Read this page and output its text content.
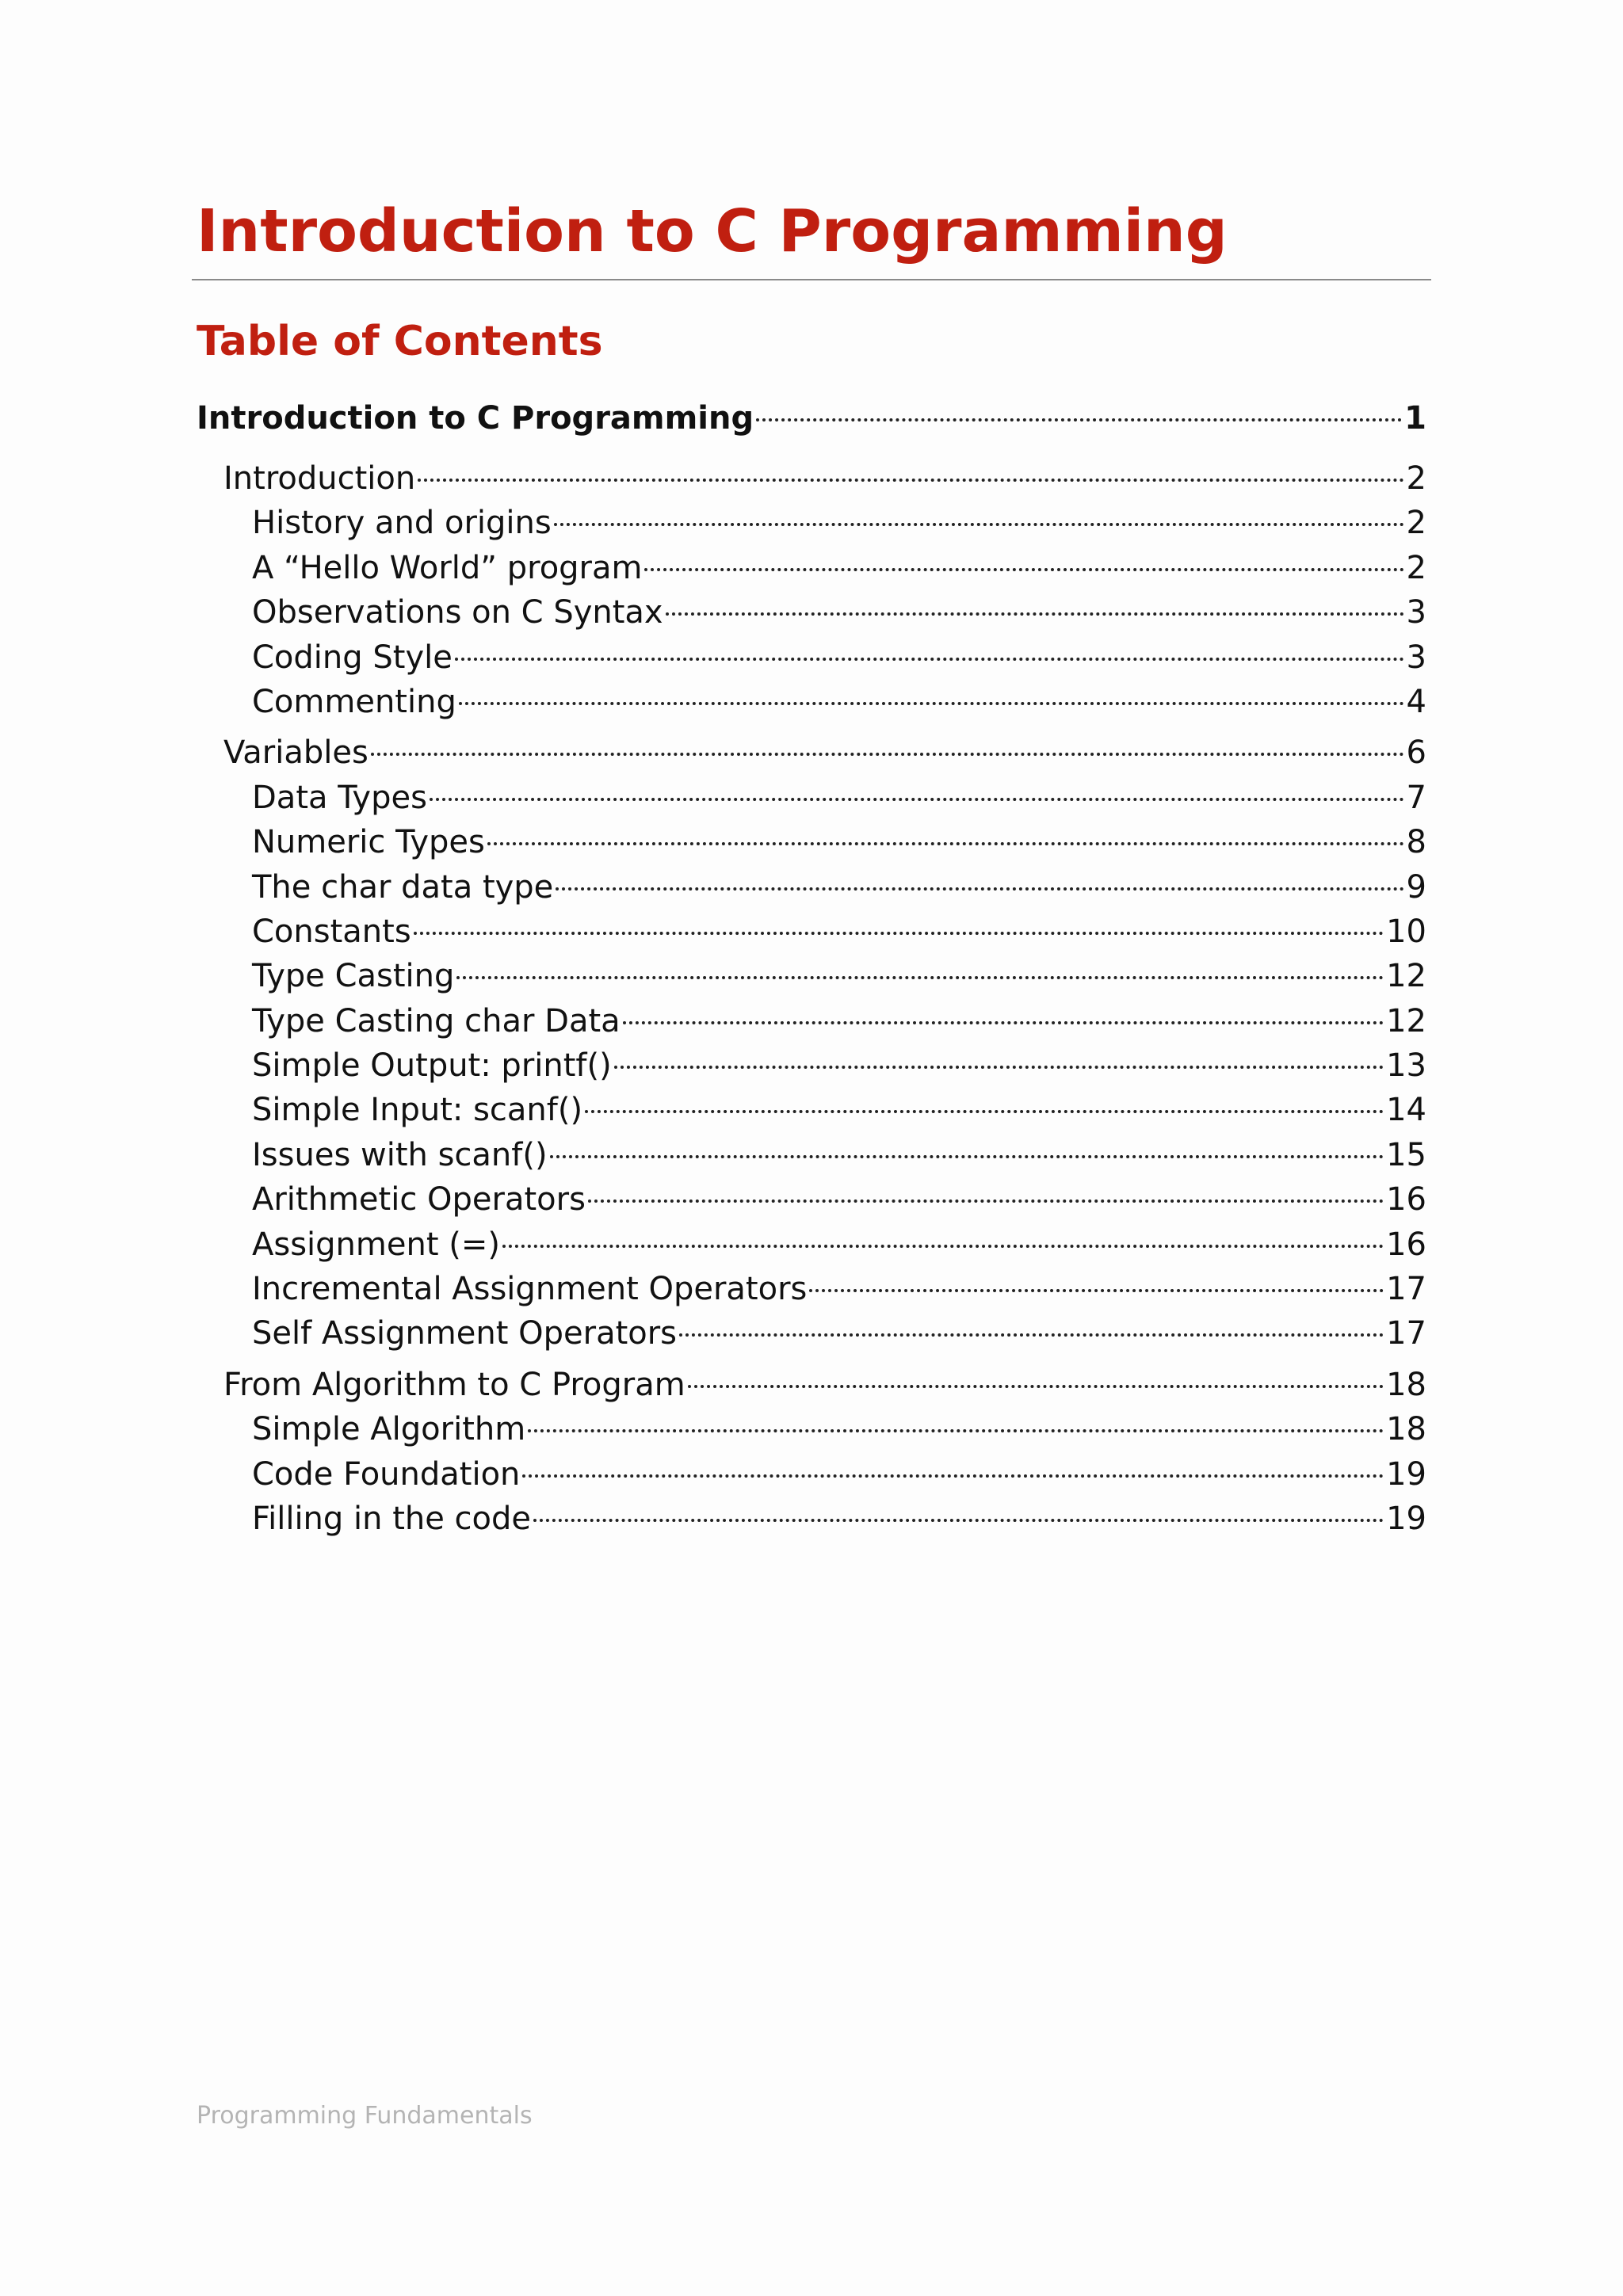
Introduction to C Programming
Table of Contents
Introduction to C Programming	1
Introduction	2
History and origins	2
A “Hello World” program	2
Observations on C Syntax	3
Coding Style	3
Commenting	4
Variables	6
Data Types	7
Numeric Types	8
The char data type	9
Constants	10
Type Casting	12
Type Casting char Data	12
Simple Output: printf()	13
Simple Input: scanf()	14
Issues with scanf()	15
Arithmetic Operators	16
Assignment (=)	16
Incremental Assignment Operators	17
Self Assignment Operators	17
From Algorithm to C Program	18
Simple Algorithm	18
Code Foundation	19
Filling in the code	19
Programming Fundamentals
